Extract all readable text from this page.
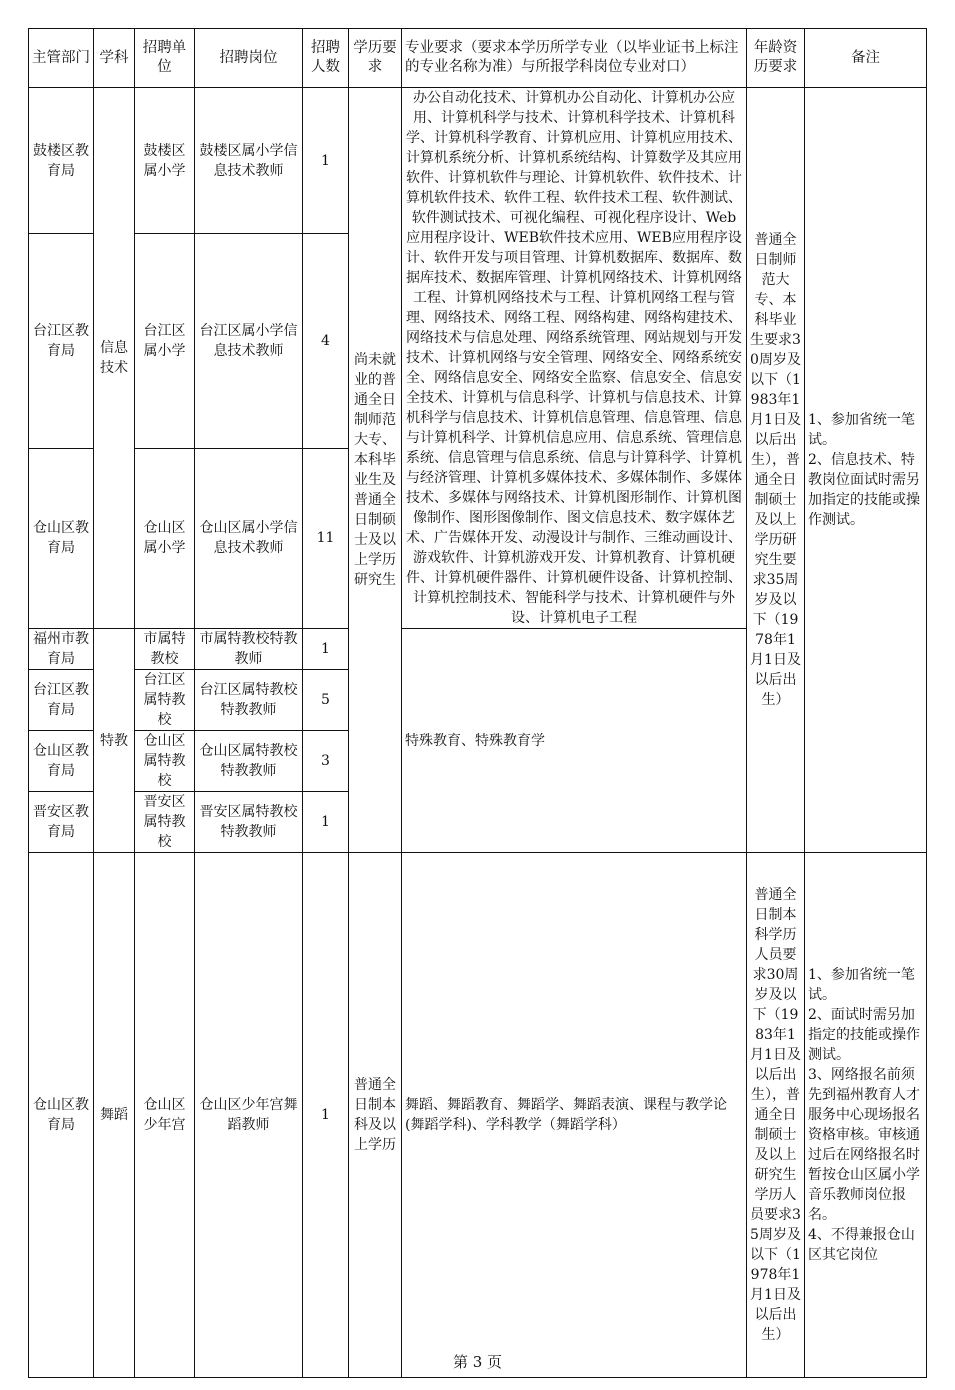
主管部门	学科	招聘单位	招聘岗位	招聘人数	学历要求	专业要求（要求本学历所学专业（以毕业证书上标注的专业名称为准）与所报学科岗位专业对口）	年龄资历要求	备注
鼓楼区教育局	信息技术	鼓楼区属小学	鼓楼区属小学信息技术教师	1	尚未就业的普通全日制师范大专、本科毕业生及普通全日制硕士及以上学历研究生	办公自动化技术、计算机办公自动化、计算机办公应用、计算机科学与技术、计算机科学技术、计算机科学、计算机科学教育、计算机应用、计算机应用技术、计算机系统分析、计算机系统结构、计算数学及其应用软件、计算机软件与理论、计算机软件、软件技术、计算机软件技术、软件工程、软件技术工程、软件测试、软件测试技术、可视化编程、可视化程序设计、Web应用程序设计、WEB软件技术应用、WEB应用程序设计、软件开发与项目管理、计算机数据库、数据库、数据库技术、数据库管理、计算机网络技术、计算机网络工程、计算机网络技术与工程、计算机网络工程与管理、网络技术、网络工程、网络构建、网络构建技术、网络技术与信息处理、网络系统管理、网站规划与开发技术、计算机网络与安全管理、网络安全、网络系统安全、网络信息安全、网络安全监察、信息安全、信息安全技术、计算机与信息科学、计算机与信息技术、计算机科学与信息技术、计算机信息管理、信息管理、信息与计算机科学、计算机信息应用、信息系统、管理信息系统、信息管理与信息系统、信息与计算科学、计算机与经济管理、计算机多媒体技术、多媒体制作、多媒体技术、多媒体与网络技术、计算机图形制作、计算机图像制作、图形图像制作、图文信息技术、数字媒体艺术、广告媒体开发、动漫设计与制作、三维动画设计、游戏软件、计算机游戏开发、计算机教育、计算机硬件、计算机硬件器件、计算机硬件设备、计算机控制、计算机控制技术、智能科学与技术、计算机硬件与外设、计算机电子工程	普通全日制师范大专、本科毕业生要求30周岁及以下（1983年1月1日及以后出生），普通全日制硕士及以上学历研究生要求35周岁及以下（1978年1月1日及以后出生）	1、参加省统一笔试。
2、信息技术、特教岗位面试时需另加指定的技能或操作测试。
台江区教育局		台江区属小学	台江区属小学信息技术教师	4				
仓山区教育局		仓山区属小学	仓山区属小学信息技术教师	11				
福州市教育局	特教	市属特教校	市属特教校特教教师	1		特殊教育、特殊教育学		
台江区教育局		台江区属特教校	台江区属特教校特教教师	5				
仓山区教育局		仓山区属特教校	仓山区属特教校特教教师	3				
晋安区教育局		晋安区属特教校	晋安区属特教校特教教师	1				
仓山区教育局	舞蹈	仓山区少年宫	仓山区少年宫舞蹈教师	1	普通全日制本科及以上学历	舞蹈、舞蹈教育、舞蹈学、舞蹈表演、课程与教学论(舞蹈学科)、学科教学（舞蹈学科）	普通全日制本科学历人员要求30周岁及以下（1983年1月1日及以后出生），普通全日制硕士及以上研究生学历人员要求35周岁及以下（1978年1月1日及以后出生）	1、参加省统一笔试。
2、面试时需另加指定的技能或操作测试。
3、网络报名前须先到福州教育人才服务中心现场报名资格审核。审核通过后在网络报名时暂按仓山区属小学音乐教师岗位报名。
4、不得兼报仓山区其它岗位
第 3 页
